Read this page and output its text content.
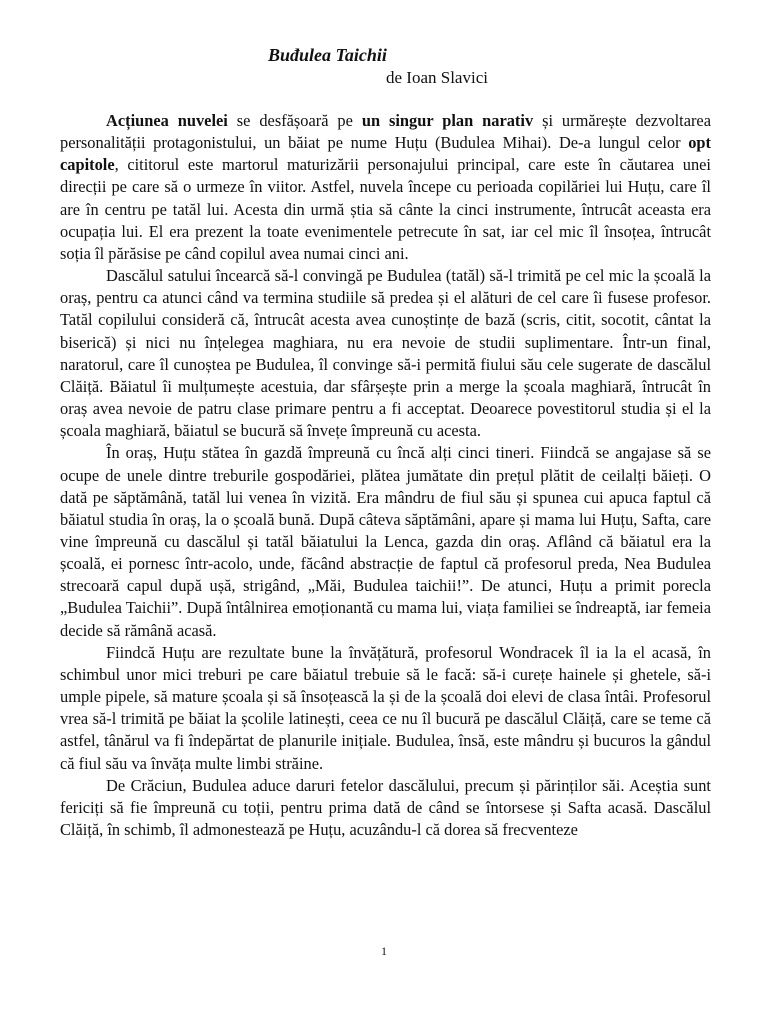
Buđulea Taichii
de Ioan Slavici

Acțiunea nuvelei se desfășoară pe un singur plan narativ și urmărește dezvoltarea personalității protagonistului, un băiat pe nume Huțu (Budulea Mihai). De-a lungul celor opt capitole, cititorul este martorul maturizării personajului principal, care este în căutarea unei direcții pe care să o urmeze în viitor. Astfel, nuvela începe cu perioada copilăriei lui Huțu, care îl are în centru pe tatăl lui. Acesta din urmă știa să cânte la cinci instrumente, întrucât aceasta era ocupația lui. El era prezent la toate evenimentele petrecute în sat, iar cel mic îl însoțea, întrucât soția îl părăsise pe când copilul avea numai cinci ani.

Dascălul satului încearcă să-l convingă pe Budulea (tatăl) să-l trimită pe cel mic la școală la oraș, pentru ca atunci când va termina studiile să predea și el alături de cel care îi fusese profesor. Tatăl copilului consideră că, întrucât acesta avea cunoștințe de bază (scris, citit, socotit, cântat la biserică) și nici nu înțelegea maghiara, nu era nevoie de studii suplimentare. Într-un final, naratorul, care îl cunoștea pe Budulea, îl convinge să-i permită fiului său cele sugerate de dascălul Clăiță. Băiatul îi mulțumește acestuia, dar sfârșește prin a merge la școala maghiară, întrucât în oraș avea nevoie de patru clase primare pentru a fi acceptat. Deoarece povestitorul studia și el la școala maghiară, băiatul se bucură să învețe împreună cu acesta.

În oraș, Huțu stătea în gazdă împreună cu încă alți cinci tineri. Fiindcă se angajase să se ocupe de unele dintre treburile gospodăriei, plătea jumătate din prețul plătit de ceilalți băieți. O dată pe săptămână, tatăl lui venea în vizită. Era mândru de fiul său și spunea cui apuca faptul că băiatul studia în oraș, la o școală bună. După câteva săptămâni, apare și mama lui Huțu, Safta, care vine împreună cu dascălul și tatăl băiatului la Lenca, gazda din oraș. Aflând că băiatul era la școală, ei pornesc într-acolo, unde, făcând abstracție de faptul că profesorul preda, Nea Budulea strecoară capul după ușă, strigând, „Măi, Budulea taichii!”. De atunci, Huțu a primit porecla „Budulea Taichii”. După întâlnirea emoționantă cu mama lui, viața familiei se îndreaptă, iar femeia decide să rămână acasă.

Fiindcă Huțu are rezultate bune la învățătură, profesorul Wondracek îl ia la el acasă, în schimbul unor mici treburi pe care băiatul trebuie să le facă: să-i curețe hainele și ghetele, să-i umple pipele, să mature școala și să însoțească la și de la școală doi elevi de clasa întâi. Profesorul vrea să-l trimită pe băiat la școlile latinești, ceea ce nu îl bucură pe dascălul Clăiță, care se teme că astfel, tânărul va fi îndepărtat de planurile inițiale. Budulea, însă, este mândru și bucuros la gândul că fiul său va învăța multe limbi străine.

De Crăciun, Budulea aduce daruri fetelor dascălului, precum și părinților săi. Aceștia sunt fericiți să fie împreună cu toții, pentru prima dată de când se întorsese și Safta acasă. Dascălul Clăiță, în schimb, îl admonestează pe Huțu, acuzându-l că dorea să frecventeze

1
